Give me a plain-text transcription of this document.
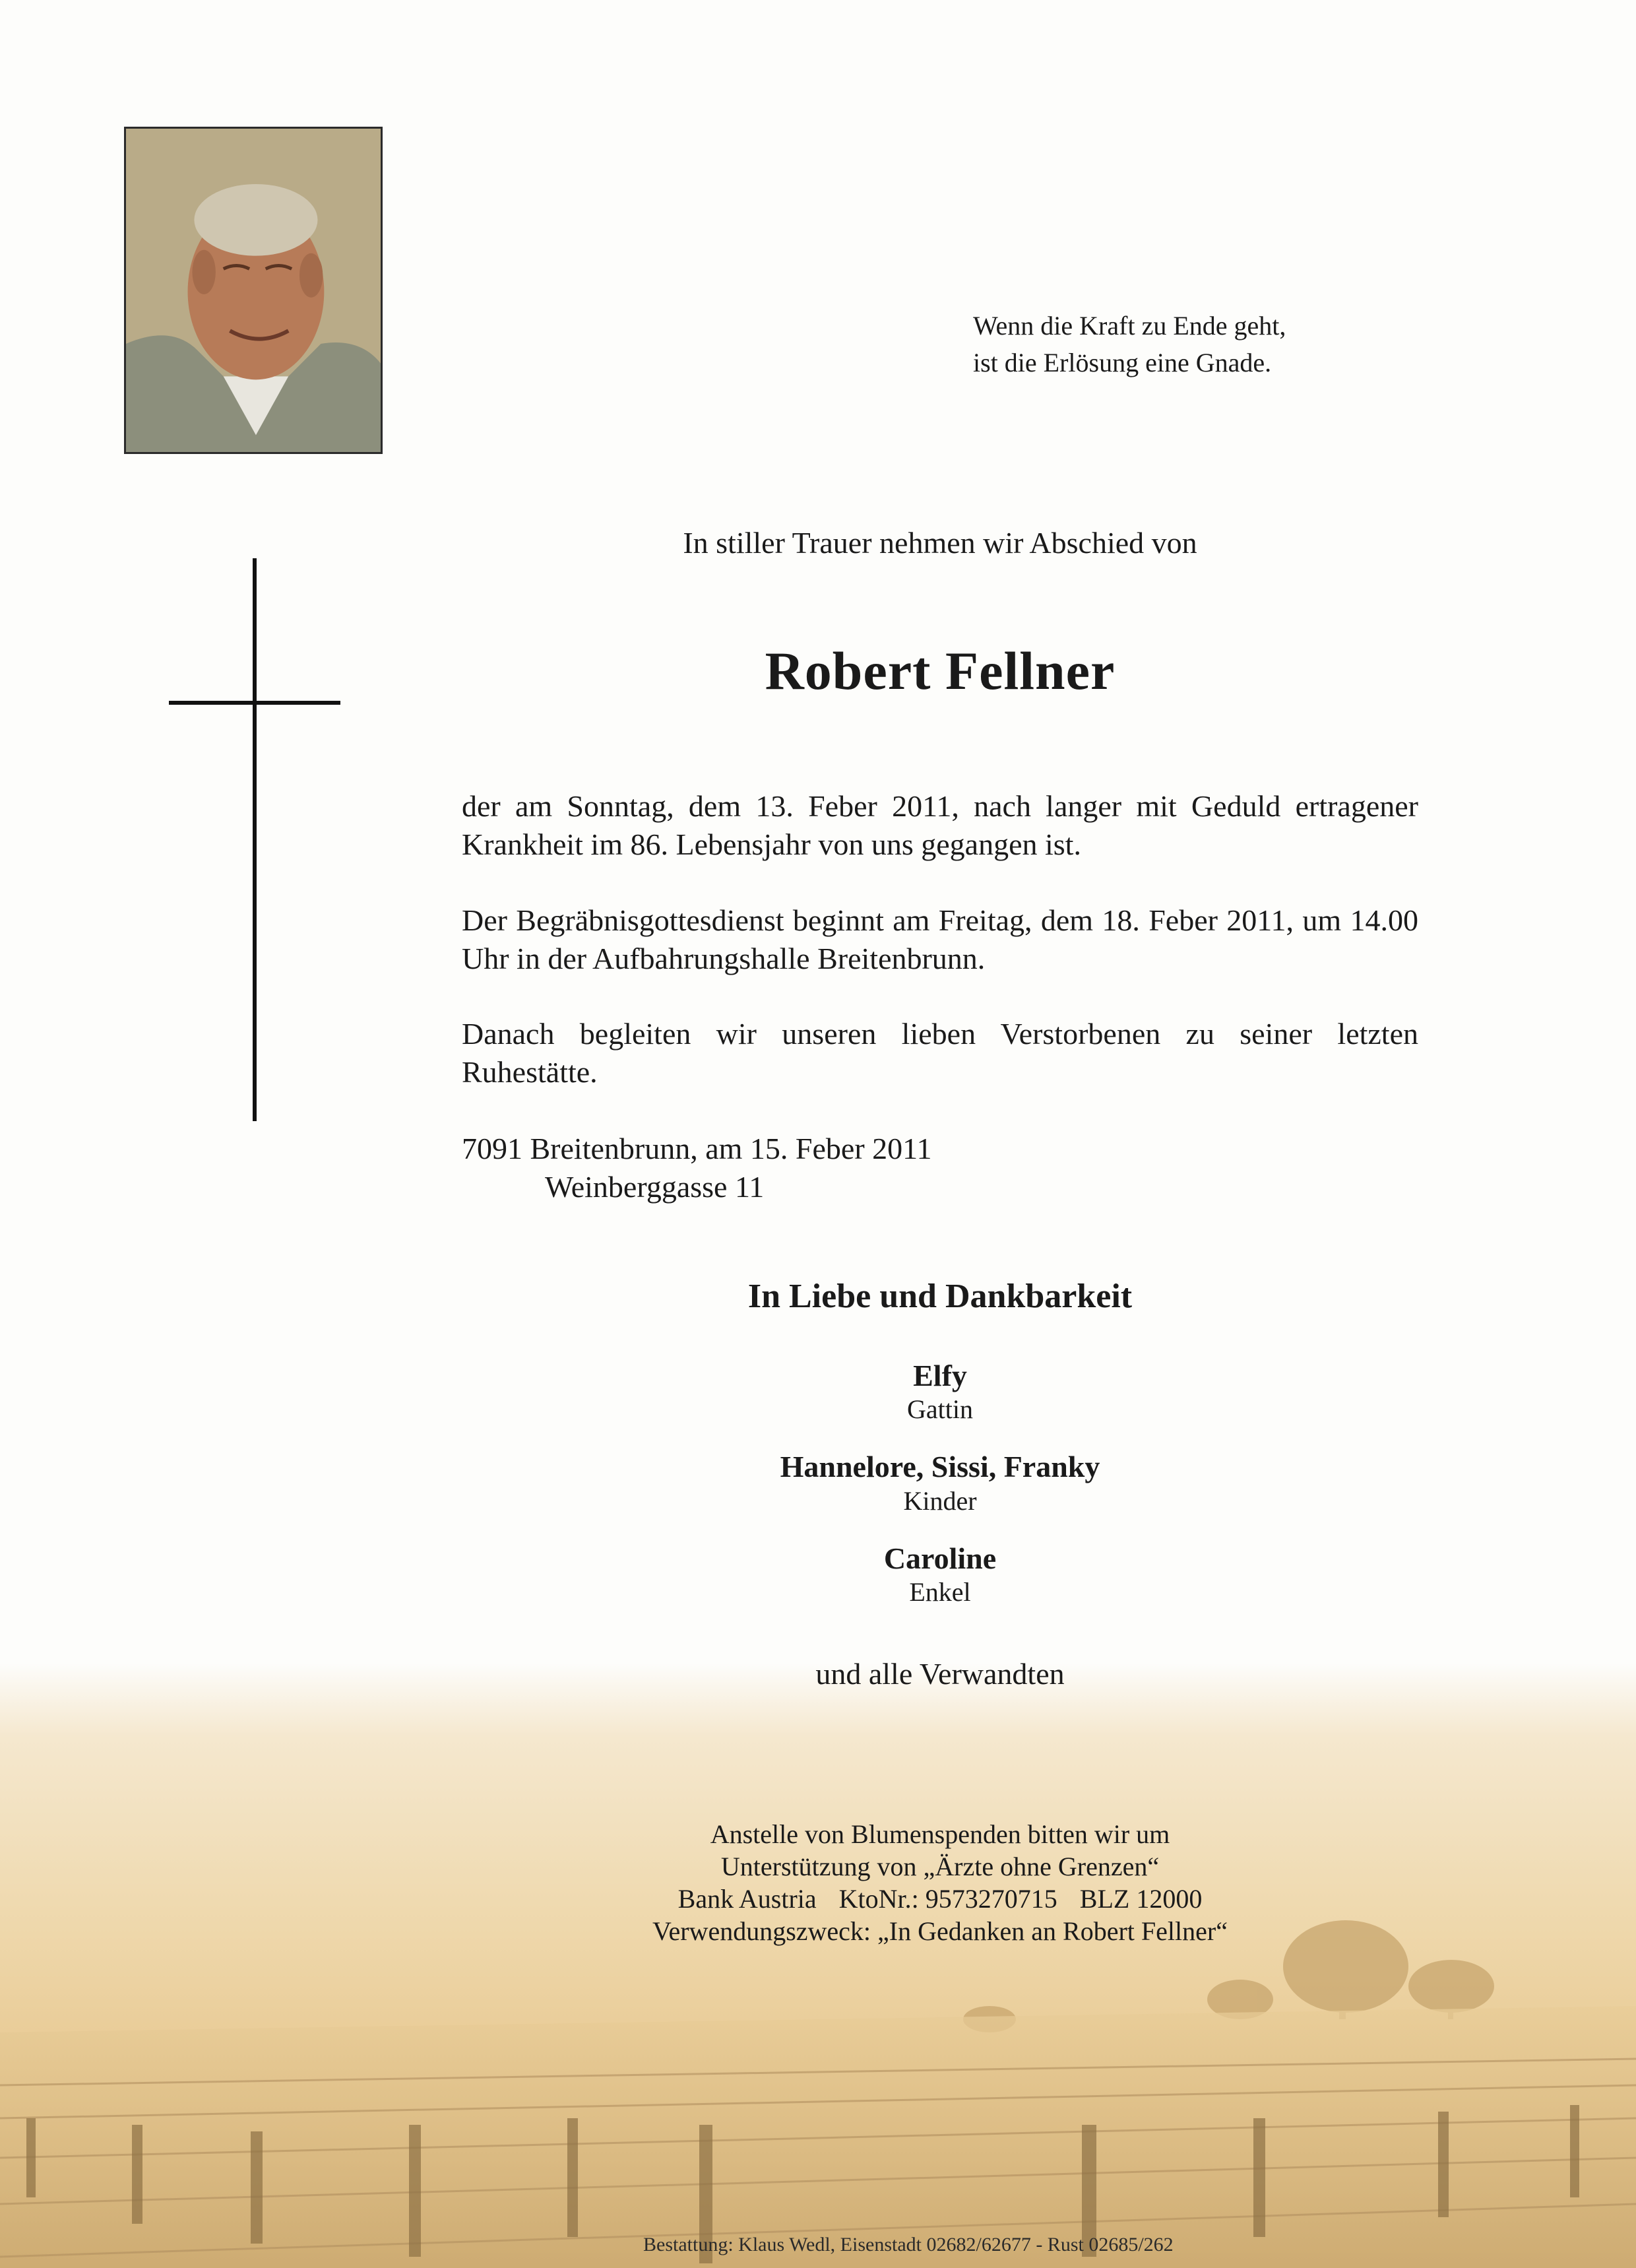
Wenn die Kraft zu Ende geht,
ist die Erlösung eine Gnade.
In stiller Trauer nehmen wir Abschied von
Robert Fellner
der am Sonntag, dem 13. Feber 2011, nach langer mit Geduld ertragener Krankheit im 86. Lebensjahr von uns gegangen ist.
Der Begräbnisgottesdienst beginnt am Freitag, dem 18. Feber 2011, um 14.00 Uhr in der Aufbahrungshalle Breitenbrunn.
Danach begleiten wir unseren lieben Verstorbenen zu seiner letzten Ruhestätte.
7091 Breitenbrunn, am 15. Feber 2011
Weinberggasse 11
In Liebe und Dankbarkeit
Elfy
Gattin
Hannelore, Sissi, Franky
Kinder
Caroline
Enkel
und alle Verwandten
Anstelle von Blumenspenden bitten wir um
Unterstützung von „Ärzte ohne Grenzen“
Bank Austria KtoNr.: 9573270715 BLZ 12000
Verwendungszweck: „In Gedanken an Robert Fellner“
Bestattung: Klaus Wedl, Eisenstadt 02682/62677 - Rust 02685/262
